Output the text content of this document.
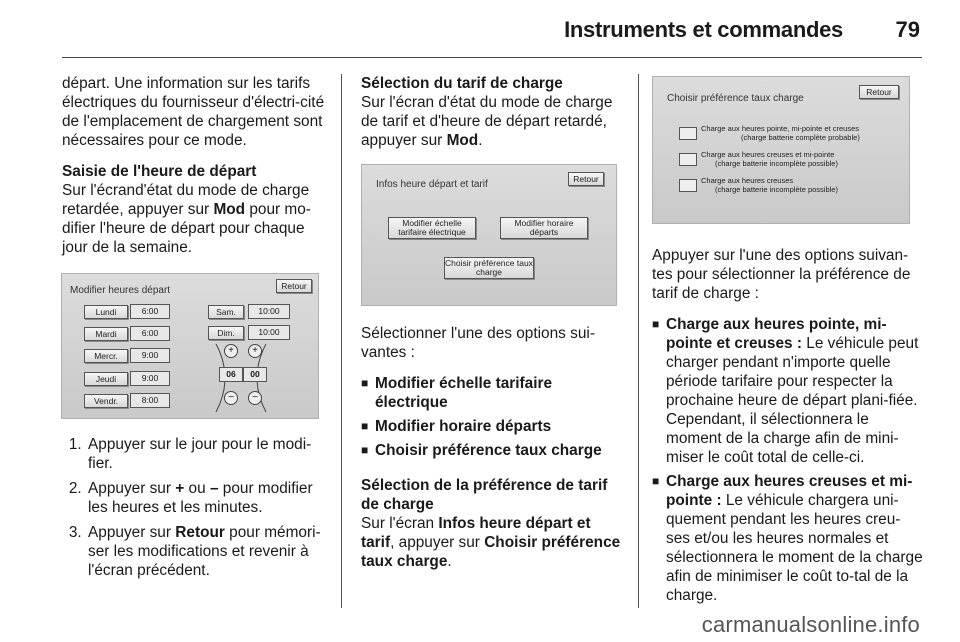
Instruments et commandes 79

départ. Une information sur les tarifs électriques du fournisseur d'électri-cité de l'emplacement de chargement sont nécessaires pour ce mode.

Saisie de l'heure de départ
Sur l'écrand'état du mode de charge retardée, appuyer sur Mod pour mo-difier l'heure de départ pour chaque jour de la semaine.

Modifier heures départ	Retour
Lundi	6:00
Mardi	6:00
Mercr.	9:00
Jeudi	9:00
Vendr.	8:00
Sam.	10:00
Dim.	10:00
+
06
−
+
00
−
1. Appuyer sur le jour pour le modi-fier.
2. Appuyer sur + ou – pour modifier les heures et les minutes.
3. Appuyer sur Retour pour mémori-ser les modifications et revenir à l'écran précédent.

Sélection du tarif de charge
Sur l'écran d'état du mode de charge de tarif et d'heure de départ retardé, appuyer sur Mod.

Infos heure départ et tarif
Retour
Modifier échelle tarifaire électrique
Modifier horaire départs
Choisir préférence taux charge

Sélectionner l'une des options sui-vantes :

■ Modifier échelle tarifaire électrique
■ Modifier horaire départs
■ Choisir préférence taux charge

Sélection de la préférence de tarif de charge
Sur l'écran Infos heure départ et tarif, appuyer sur Choisir préférence taux charge.

Choisir préférence taux charge
Retour
Charge aux heures pointe, mi-pointe et creuses
(charge batterie complète probable)
Charge aux heures creuses et mi-pointe
(charge batterie incomplète possible)
Charge aux heures creuses
(charge batterie incomplète possible)

Appuyer sur l'une des options suivan-tes pour sélectionner la préférence de tarif de charge :

■ Charge aux heures pointe, mi-pointe et creuses : Le véhicule peut charger pendant n'importe quelle période tarifaire pour respecter la prochaine heure de départ plani-fiée. Cependant, il sélectionnera le moment de la charge afin de mini-miser le coût total de celle-ci.
■ Charge aux heures creuses et mi-pointe : Le véhicule chargera uni-quement pendant les heures creu-ses et/ou les heures normales et sélectionnera le moment de la charge afin de minimiser le coût to-tal de la charge.
carmanualsonline.info
